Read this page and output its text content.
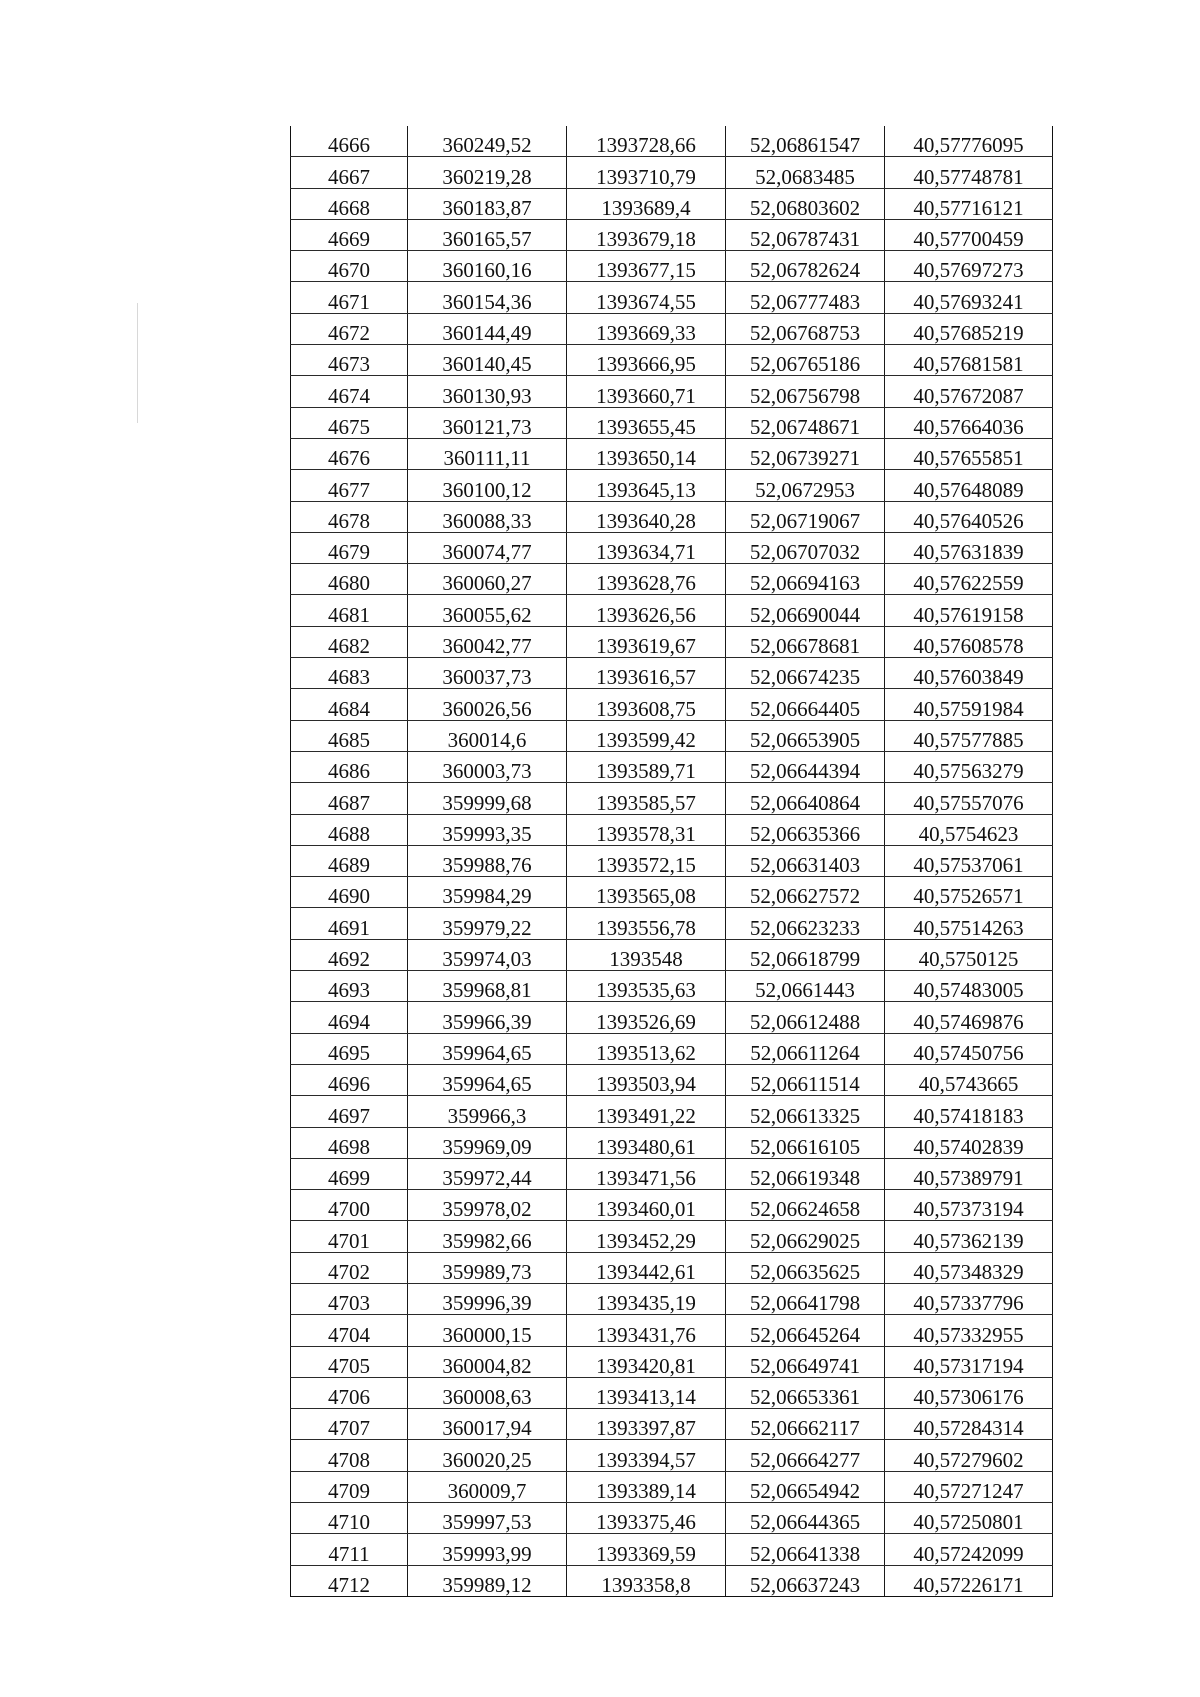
4666	360249,52	1393728,66	52,06861547	40,57776095
4667	360219,28	1393710,79	52,0683485	40,57748781
4668	360183,87	1393689,4	52,06803602	40,57716121
4669	360165,57	1393679,18	52,06787431	40,57700459
4670	360160,16	1393677,15	52,06782624	40,57697273
4671	360154,36	1393674,55	52,06777483	40,57693241
4672	360144,49	1393669,33	52,06768753	40,57685219
4673	360140,45	1393666,95	52,06765186	40,57681581
4674	360130,93	1393660,71	52,06756798	40,57672087
4675	360121,73	1393655,45	52,06748671	40,57664036
4676	360111,11	1393650,14	52,06739271	40,57655851
4677	360100,12	1393645,13	52,0672953	40,57648089
4678	360088,33	1393640,28	52,06719067	40,57640526
4679	360074,77	1393634,71	52,06707032	40,57631839
4680	360060,27	1393628,76	52,06694163	40,57622559
4681	360055,62	1393626,56	52,06690044	40,57619158
4682	360042,77	1393619,67	52,06678681	40,57608578
4683	360037,73	1393616,57	52,06674235	40,57603849
4684	360026,56	1393608,75	52,06664405	40,57591984
4685	360014,6	1393599,42	52,06653905	40,57577885
4686	360003,73	1393589,71	52,06644394	40,57563279
4687	359999,68	1393585,57	52,06640864	40,57557076
4688	359993,35	1393578,31	52,06635366	40,5754623
4689	359988,76	1393572,15	52,06631403	40,57537061
4690	359984,29	1393565,08	52,06627572	40,57526571
4691	359979,22	1393556,78	52,06623233	40,57514263
4692	359974,03	1393548	52,06618799	40,5750125
4693	359968,81	1393535,63	52,0661443	40,57483005
4694	359966,39	1393526,69	52,06612488	40,57469876
4695	359964,65	1393513,62	52,06611264	40,57450756
4696	359964,65	1393503,94	52,06611514	40,5743665
4697	359966,3	1393491,22	52,06613325	40,57418183
4698	359969,09	1393480,61	52,06616105	40,57402839
4699	359972,44	1393471,56	52,06619348	40,57389791
4700	359978,02	1393460,01	52,06624658	40,57373194
4701	359982,66	1393452,29	52,06629025	40,57362139
4702	359989,73	1393442,61	52,06635625	40,57348329
4703	359996,39	1393435,19	52,06641798	40,57337796
4704	360000,15	1393431,76	52,06645264	40,57332955
4705	360004,82	1393420,81	52,06649741	40,57317194
4706	360008,63	1393413,14	52,06653361	40,57306176
4707	360017,94	1393397,87	52,06662117	40,57284314
4708	360020,25	1393394,57	52,06664277	40,57279602
4709	360009,7	1393389,14	52,06654942	40,57271247
4710	359997,53	1393375,46	52,06644365	40,57250801
4711	359993,99	1393369,59	52,06641338	40,57242099
4712	359989,12	1393358,8	52,06637243	40,57226171
